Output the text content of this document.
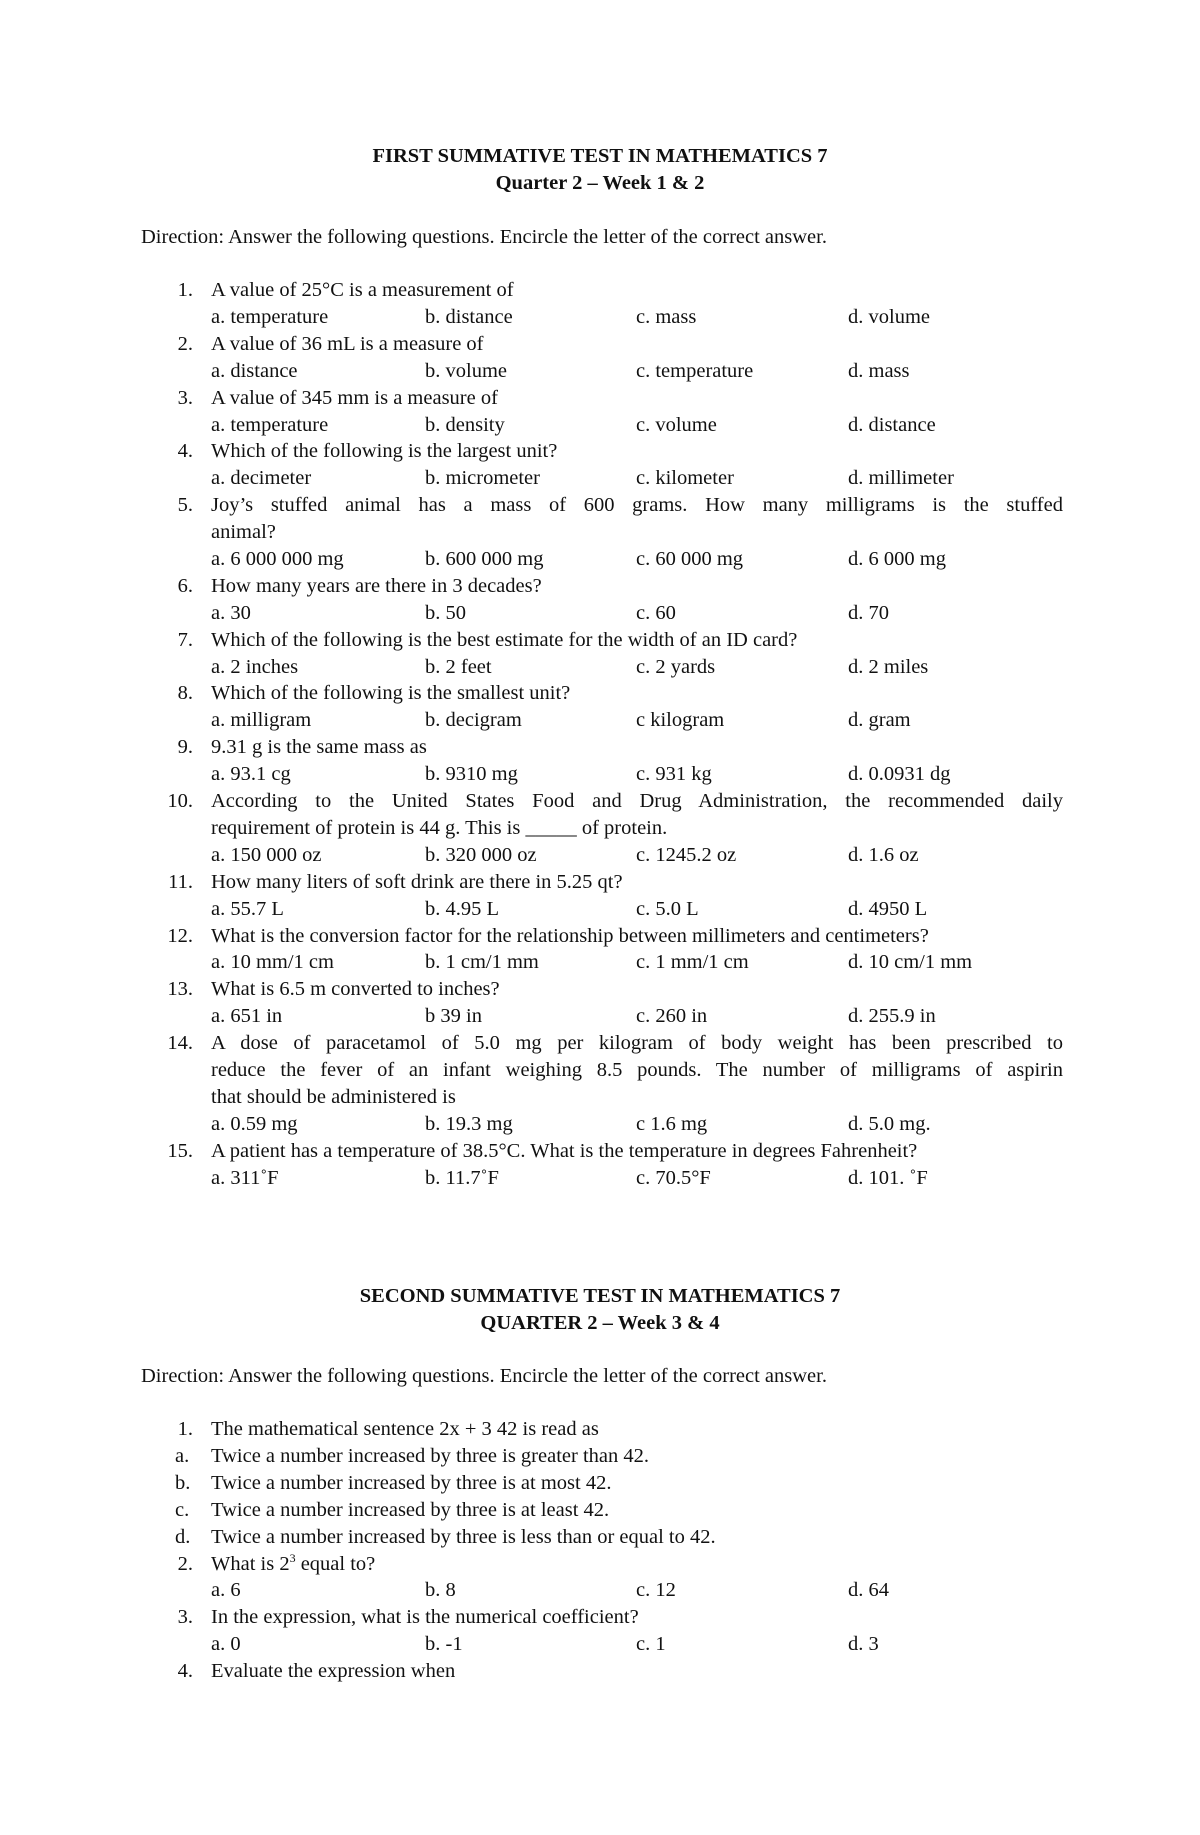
FIRST SUMMATIVE TEST IN MATHEMATICS 7
Quarter 2 – Week 1 & 2
Direction: Answer the following questions. Encircle the letter of the correct answer.
1. A value of 25°C is a measurement of
a. temperature	b. distance	c. mass	d. volume
2. A value of 36 mL is a measure of
a. distance	b. volume	c. temperature	d. mass
3. A value of 345 mm is a measure of
a. temperature	b. density	c. volume	d. distance
4. Which of the following is the largest unit?
a. decimeter	b. micrometer	c. kilometer	d. millimeter
5. Joy’s stuffed animal has a mass of 600 grams. How many milligrams is the stuffed
animal?
a. 6 000 000 mg	b. 600 000 mg	c. 60 000 mg	d. 6 000 mg
6. How many years are there in 3 decades?
a. 30	b. 50	c. 60	d. 70
7. Which of the following is the best estimate for the width of an ID card?
a. 2 inches	b. 2 feet	c. 2 yards	d. 2 miles
8. Which of the following is the smallest unit?
a. milligram	b. decigram	c kilogram	d. gram
9. 9.31 g is the same mass as
a. 93.1 cg	b. 9310 mg	c. 931 kg	d. 0.0931 dg
10. According to the United States Food and Drug Administration, the recommended daily
requirement of protein is 44 g. This is _____ of protein.
a. 150 000 oz	b. 320 000 oz	c. 1245.2 oz	d. 1.6 oz
11. How many liters of soft drink are there in 5.25 qt?
a. 55.7 L	b. 4.95 L	c. 5.0 L	d. 4950 L
12. What is the conversion factor for the relationship between millimeters and centimeters?
a. 10 mm/1 cm	b. 1 cm/1 mm	c. 1 mm/1 cm	d. 10 cm/1 mm
13. What is 6.5 m converted to inches?
a. 651 in	b 39 in	c. 260 in	d. 255.9 in
14. A dose of paracetamol of 5.0 mg per kilogram of body weight has been prescribed to
reduce the fever of an infant weighing 8.5 pounds. The number of milligrams of aspirin
that should be administered is
a. 0.59 mg	b. 19.3 mg	c 1.6 mg	d. 5.0 mg.
15. A patient has a temperature of 38.5°C. What is the temperature in degrees Fahrenheit?
a. 311˚F	b. 11.7˚F	c. 70.5°F	d. 101. ˚F
SECOND SUMMATIVE TEST IN MATHEMATICS 7
QUARTER 2 – Week 3 & 4
Direction: Answer the following questions. Encircle the letter of the correct answer.
1. The mathematical sentence 2x + 3 42 is read as
a.	Twice a number increased by three is greater than 42.
b.	Twice a number increased by three is at most 42.
c.	Twice a number increased by three is at least 42.
d.	Twice a number increased by three is less than or equal to 42.
2. What is $2^3$ equal to?
a. 6	b. 8	c. 12	d. 64
3. In the expression, what is the numerical coefficient?
a. 0	b. -1	c. 1	d. 3
4. Evaluate the expression when
